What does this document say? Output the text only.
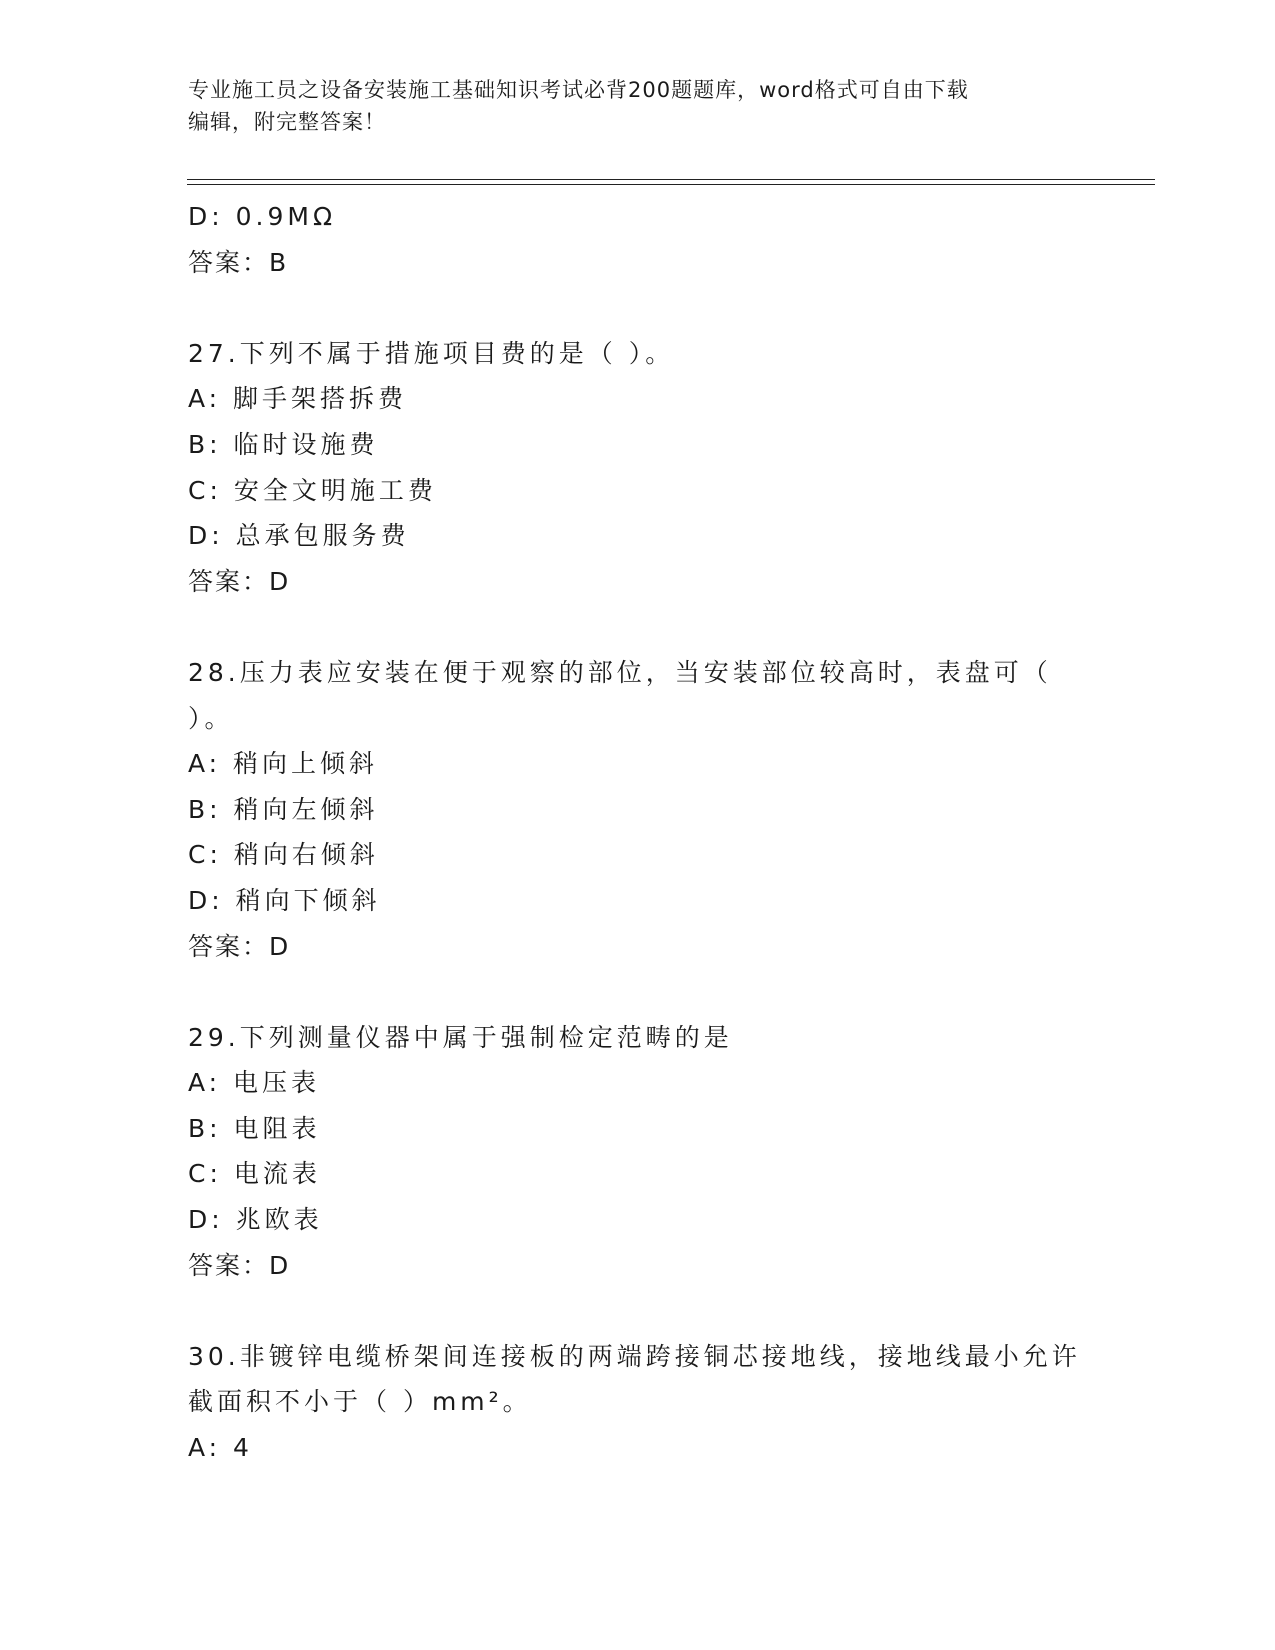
专业施工员之设备安装施工基础知识考试必背200题题库，word格式可自由下载
编辑，附完整答案！
D: 0.9MΩ
答案：B
27.下列不属于措施项目费的是（ ）。
A: 脚手架搭拆费
B: 临时设施费
C: 安全文明施工费
D: 总承包服务费
答案：D
28.压力表应安装在便于观察的部位，当安装部位较高时，表盘可（
）。
A: 稍向上倾斜
B: 稍向左倾斜
C: 稍向右倾斜
D: 稍向下倾斜
答案：D
29.下列测量仪器中属于强制检定范畴的是
A: 电压表
B: 电阻表
C: 电流表
D: 兆欧表
答案：D
30.非镀锌电缆桥架间连接板的两端跨接铜芯接地线，接地线最小允许
截面积不小于（ ）mm²。
A: 4
